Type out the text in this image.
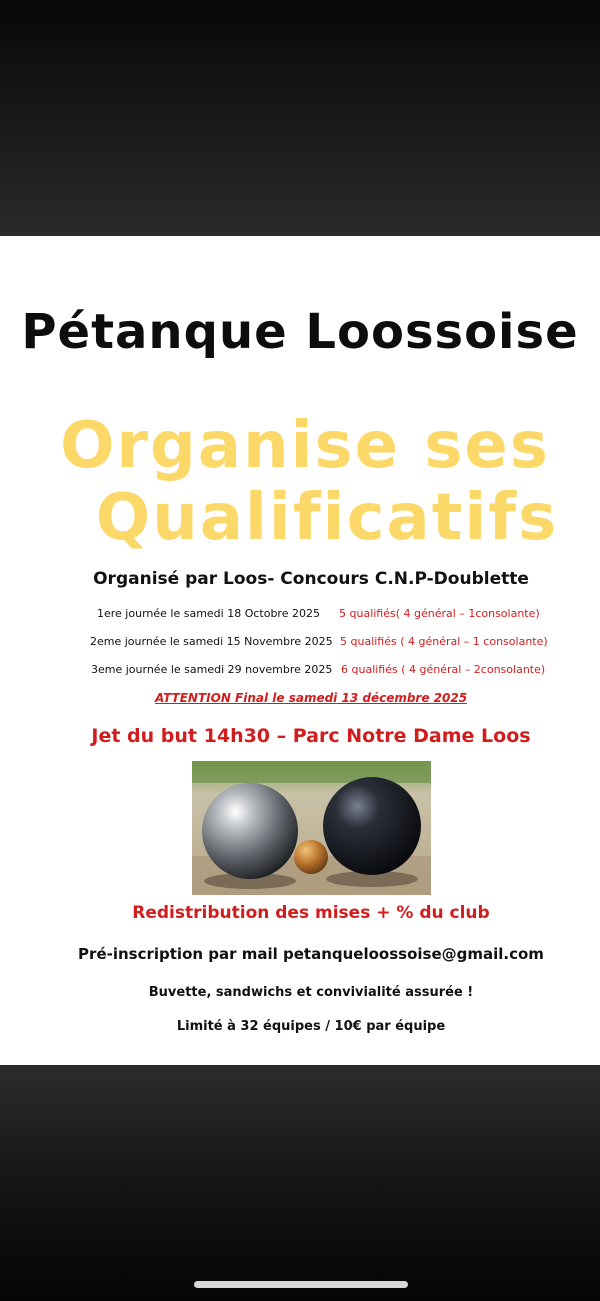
Pétanque Loossoise
Organise ses
Qualificatifs
Organisé par Loos- Concours C.N.P-Doublette
1ere journée le samedi 18 Octobre 2025 5 qualifiés( 4 général – 1consolante)
2eme journée le samedi 15 Novembre 2025 5 qualifiés ( 4 général – 1 consolante)
3eme journée le samedi 29 novembre 2025 6 qualifiés ( 4 général – 2consolante)
ATTENTION Final le samedi 13 décembre 2025
Jet du but 14h30 – Parc Notre Dame Loos
Redistribution des mises + % du club
Pré-inscription par mail petanqueloossoise@gmail.com
Buvette, sandwichs et convivialité assurée !
Limité à 32 équipes / 10€ par équipe
